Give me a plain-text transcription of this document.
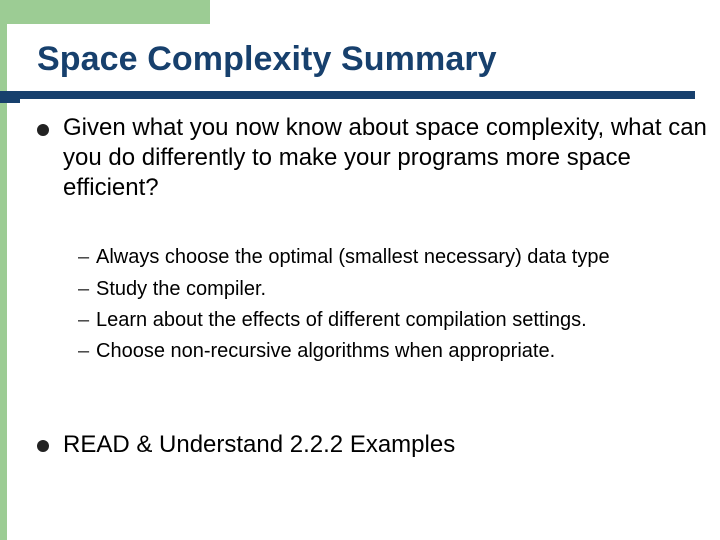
Space Complexity Summary

Given what you now know about space complexity, what can you do differently to make your programs more space efficient?

– Always choose the optimal (smallest necessary) data type
– Study the compiler.
– Learn about the effects of different compilation settings.
– Choose non-recursive algorithms when appropriate.

READ & Understand 2.2.2 Examples
